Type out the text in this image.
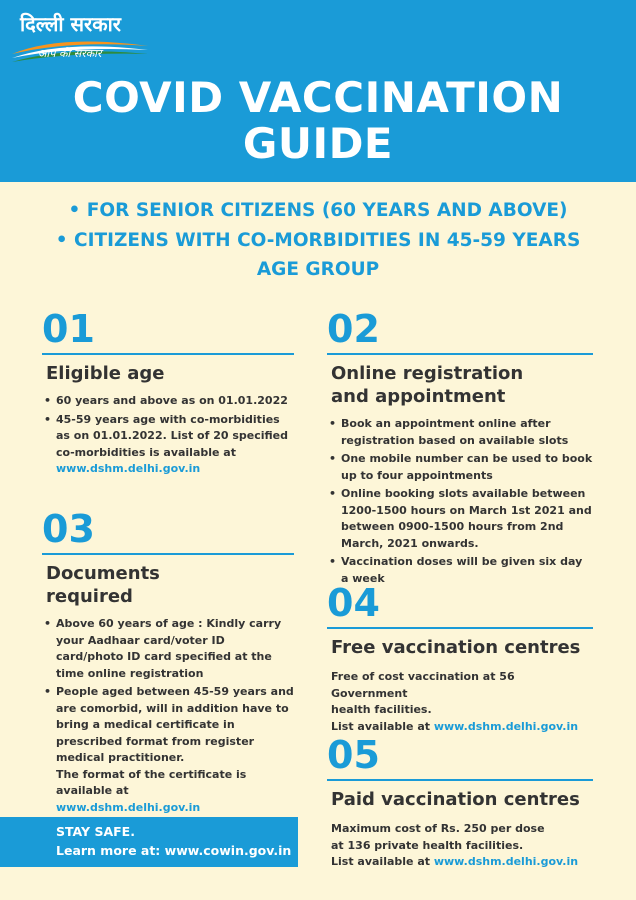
दिल्ली सरकार
आप की सरकार
COVID VACCINATION
GUIDE
• FOR SENIOR CITIZENS (60 YEARS AND ABOVE)
• CITIZENS WITH CO-MORBIDITIES IN 45-59 YEARS
AGE GROUP
01
Eligible age
• 60 years and above as on 01.01.2022
• 45-59 years age with co-morbidities as on 01.01.2022. List of 20 specified co-morbidities is available at
www.dshm.delhi.gov.in
02
Online registration
and appointment
• Book an appointment online after registration based on available slots
• One mobile number can be used to book up to four appointments
• Online booking slots available between 1200-1500 hours on March 1st 2021 and between 0900-1500 hours from 2nd March, 2021 onwards.
• Vaccination doses will be given six day a week
03
Documents
required
• Above 60 years of age : Kindly carry your Aadhaar card/voter ID card/photo ID card specified at the time online registration
• People aged between 45-59 years and are comorbid, will in addition have to bring a medical certificate in prescribed format from register medical practitioner.
The format of the certificate is available at
www.dshm.delhi.gov.in
04
Free vaccination centres
Free of cost vaccination at 56 Government
health facilities.
List available at www.dshm.delhi.gov.in
05
Paid vaccination centres
Maximum cost of Rs. 250 per dose
at 136 private health facilities.
List available at www.dshm.delhi.gov.in
STAY SAFE.
Learn more at: www.cowin.gov.in
